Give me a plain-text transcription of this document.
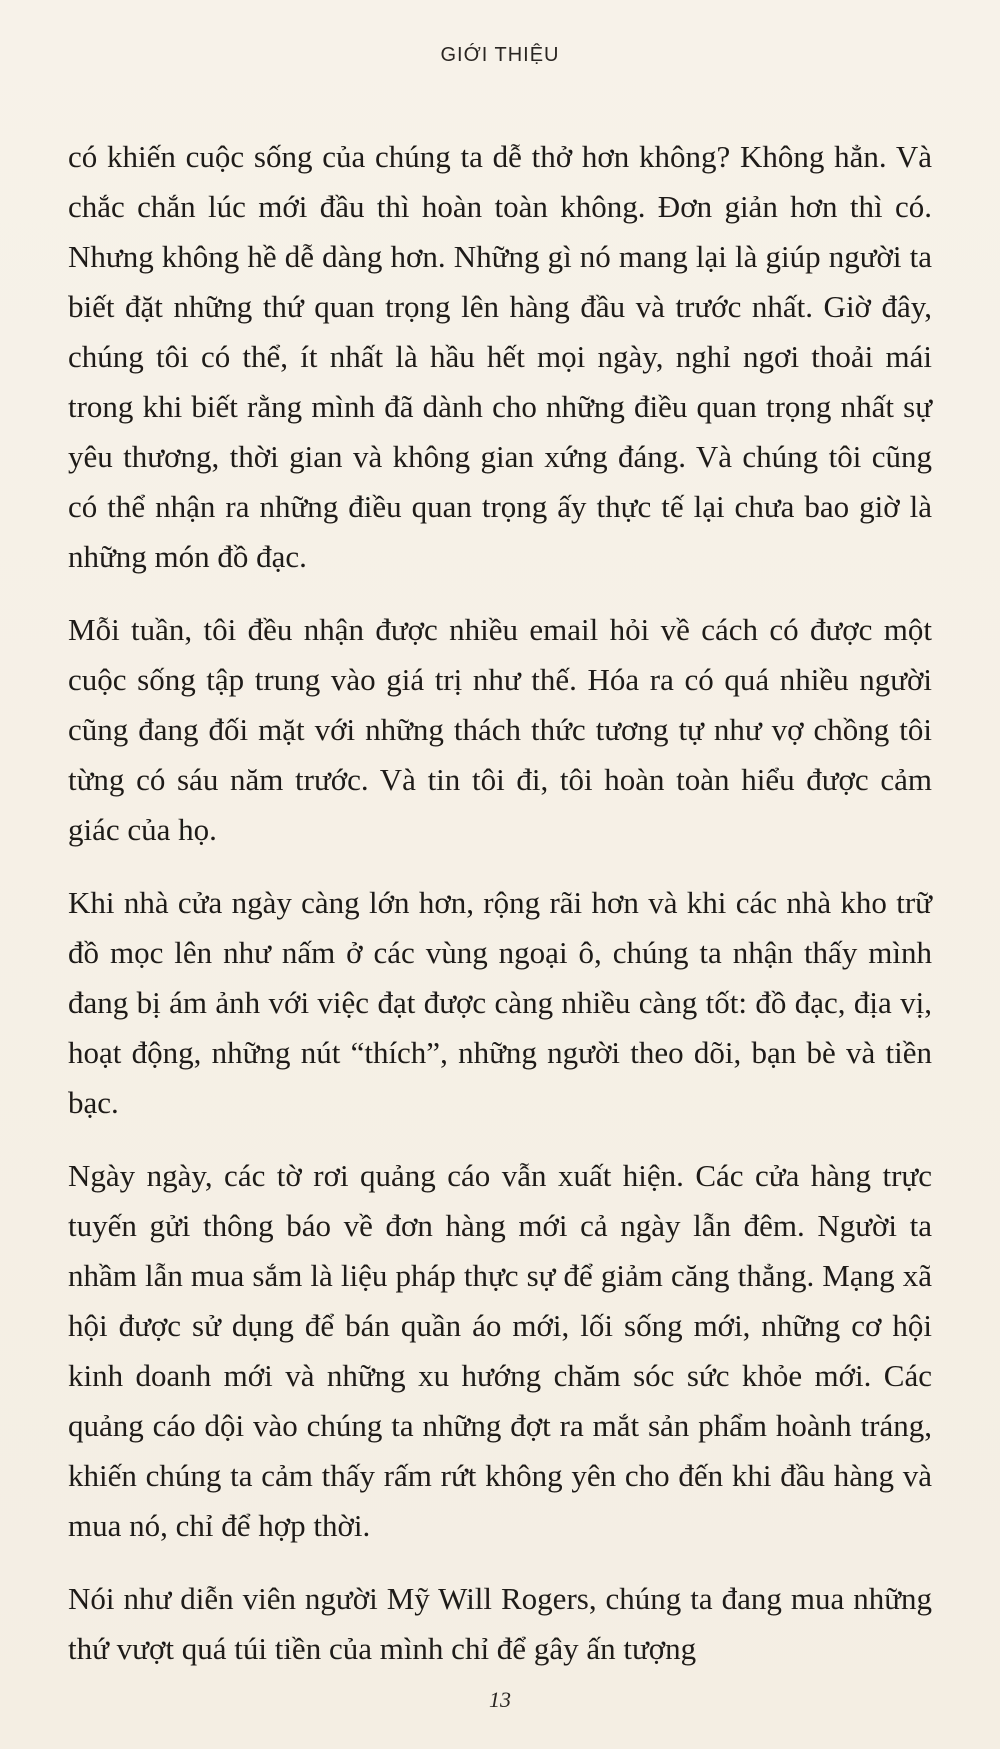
GIỚI THIỆU

có khiến cuộc sống của chúng ta dễ thở hơn không? Không hẳn. Và chắc chắn lúc mới đầu thì hoàn toàn không. Đơn giản hơn thì có. Nhưng không hề dễ dàng hơn. Những gì nó mang lại là giúp người ta biết đặt những thứ quan trọng lên hàng đầu và trước nhất. Giờ đây, chúng tôi có thể, ít nhất là hầu hết mọi ngày, nghỉ ngơi thoải mái trong khi biết rằng mình đã dành cho những điều quan trọng nhất sự yêu thương, thời gian và không gian xứng đáng. Và chúng tôi cũng có thể nhận ra những điều quan trọng ấy thực tế lại chưa bao giờ là những món đồ đạc.

Mỗi tuần, tôi đều nhận được nhiều email hỏi về cách có được một cuộc sống tập trung vào giá trị như thế. Hóa ra có quá nhiều người cũng đang đối mặt với những thách thức tương tự như vợ chồng tôi từng có sáu năm trước. Và tin tôi đi, tôi hoàn toàn hiểu được cảm giác của họ.

Khi nhà cửa ngày càng lớn hơn, rộng rãi hơn và khi các nhà kho trữ đồ mọc lên như nấm ở các vùng ngoại ô, chúng ta nhận thấy mình đang bị ám ảnh với việc đạt được càng nhiều càng tốt: đồ đạc, địa vị, hoạt động, những nút “thích”, những người theo dõi, bạn bè và tiền bạc.

Ngày ngày, các tờ rơi quảng cáo vẫn xuất hiện. Các cửa hàng trực tuyến gửi thông báo về đơn hàng mới cả ngày lẫn đêm. Người ta nhầm lẫn mua sắm là liệu pháp thực sự để giảm căng thẳng. Mạng xã hội được sử dụng để bán quần áo mới, lối sống mới, những cơ hội kinh doanh mới và những xu hướng chăm sóc sức khỏe mới. Các quảng cáo dội vào chúng ta những đợt ra mắt sản phẩm hoành tráng, khiến chúng ta cảm thấy rấm rứt không yên cho đến khi đầu hàng và mua nó, chỉ để hợp thời.

Nói như diễn viên người Mỹ Will Rogers, chúng ta đang mua những thứ vượt quá túi tiền của mình chỉ để gây ấn tượng

13
